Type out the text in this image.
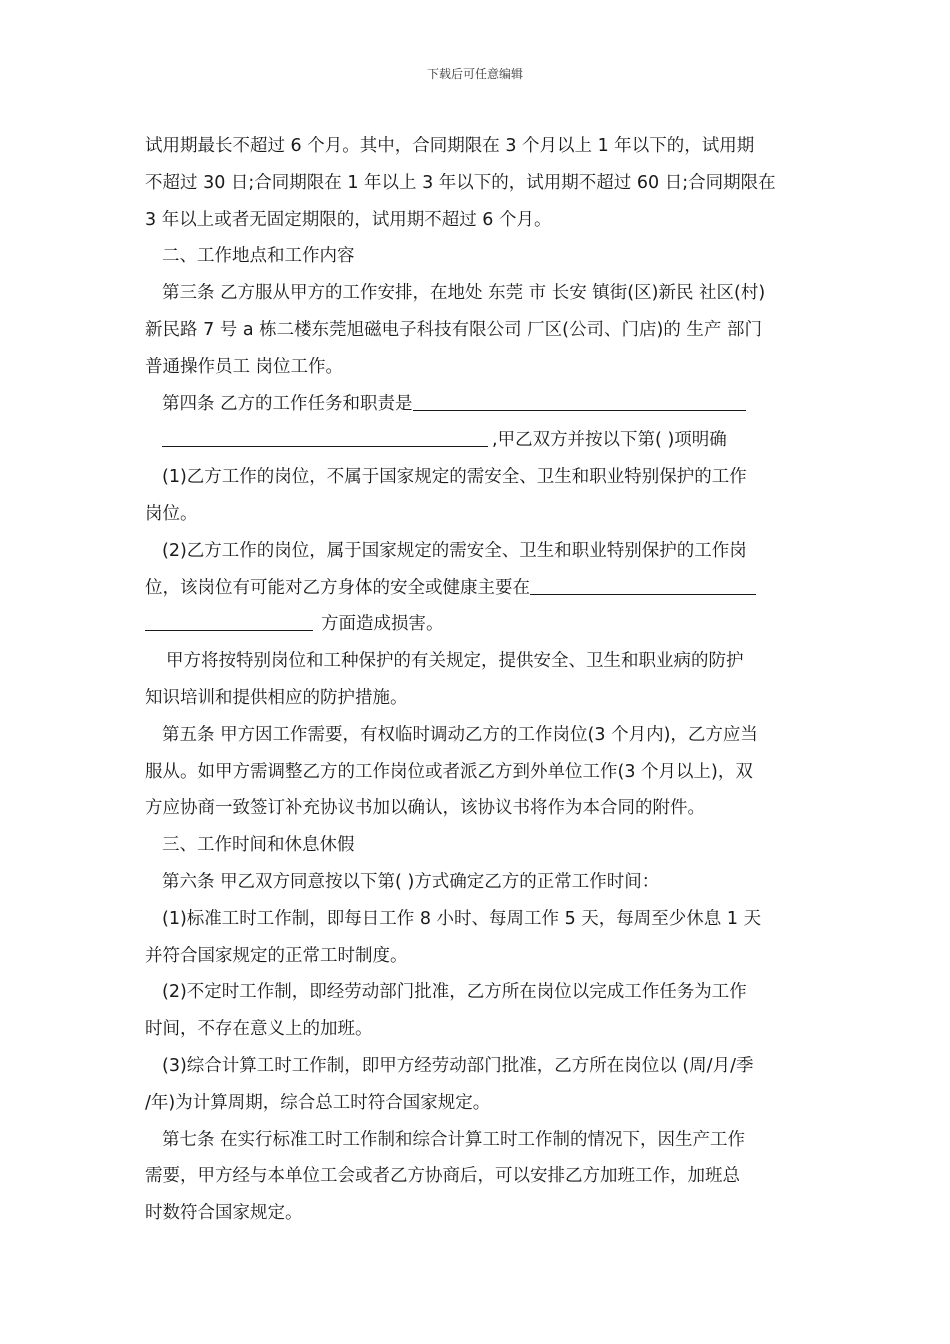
下载后可任意编辑
试用期最长不超过 6 个月。其中，合同期限在 3 个月以上 1 年以下的，试用期
不超过 30 日;合同期限在 1 年以上 3 年以下的，试用期不超过 60 日;合同期限在
3 年以上或者无固定期限的，试用期不超过 6 个月。
二、工作地点和工作内容
第三条 乙方服从甲方的工作安排，在地处 东莞 市 长安 镇街(区)新民 社区(村)
新民路 7 号 a 栋二楼东莞旭磁电子科技有限公司 厂区(公司、门店)的 生产 部门
普通操作员工 岗位工作。
第四条 乙方的工作任务和职责是
,甲乙双方并按以下第( )项明确
(1)乙方工作的岗位，不属于国家规定的需安全、卫生和职业特别保护的工作
岗位。
(2)乙方工作的岗位，属于国家规定的需安全、卫生和职业特别保护的工作岗
位，该岗位有可能对乙方身体的安全或健康主要在
方面造成损害。
甲方将按特别岗位和工种保护的有关规定，提供安全、卫生和职业病的防护
知识培训和提供相应的防护措施。
第五条 甲方因工作需要，有权临时调动乙方的工作岗位(3 个月内)，乙方应当
服从。如甲方需调整乙方的工作岗位或者派乙方到外单位工作(3 个月以上)，双
方应协商一致签订补充协议书加以确认，该协议书将作为本合同的附件。
三、工作时间和休息休假
第六条 甲乙双方同意按以下第( )方式确定乙方的正常工作时间：
(1)标准工时工作制，即每日工作 8 小时、每周工作 5 天，每周至少休息 1 天
并符合国家规定的正常工时制度。
(2)不定时工作制，即经劳动部门批准，乙方所在岗位以完成工作任务为工作
时间，不存在意义上的加班。
(3)综合计算工时工作制，即甲方经劳动部门批准，乙方所在岗位以 (周/月/季
/年)为计算周期，综合总工时符合国家规定。
第七条 在实行标准工时工作制和综合计算工时工作制的情况下，因生产工作
需要，甲方经与本单位工会或者乙方协商后，可以安排乙方加班工作，加班总
时数符合国家规定。
